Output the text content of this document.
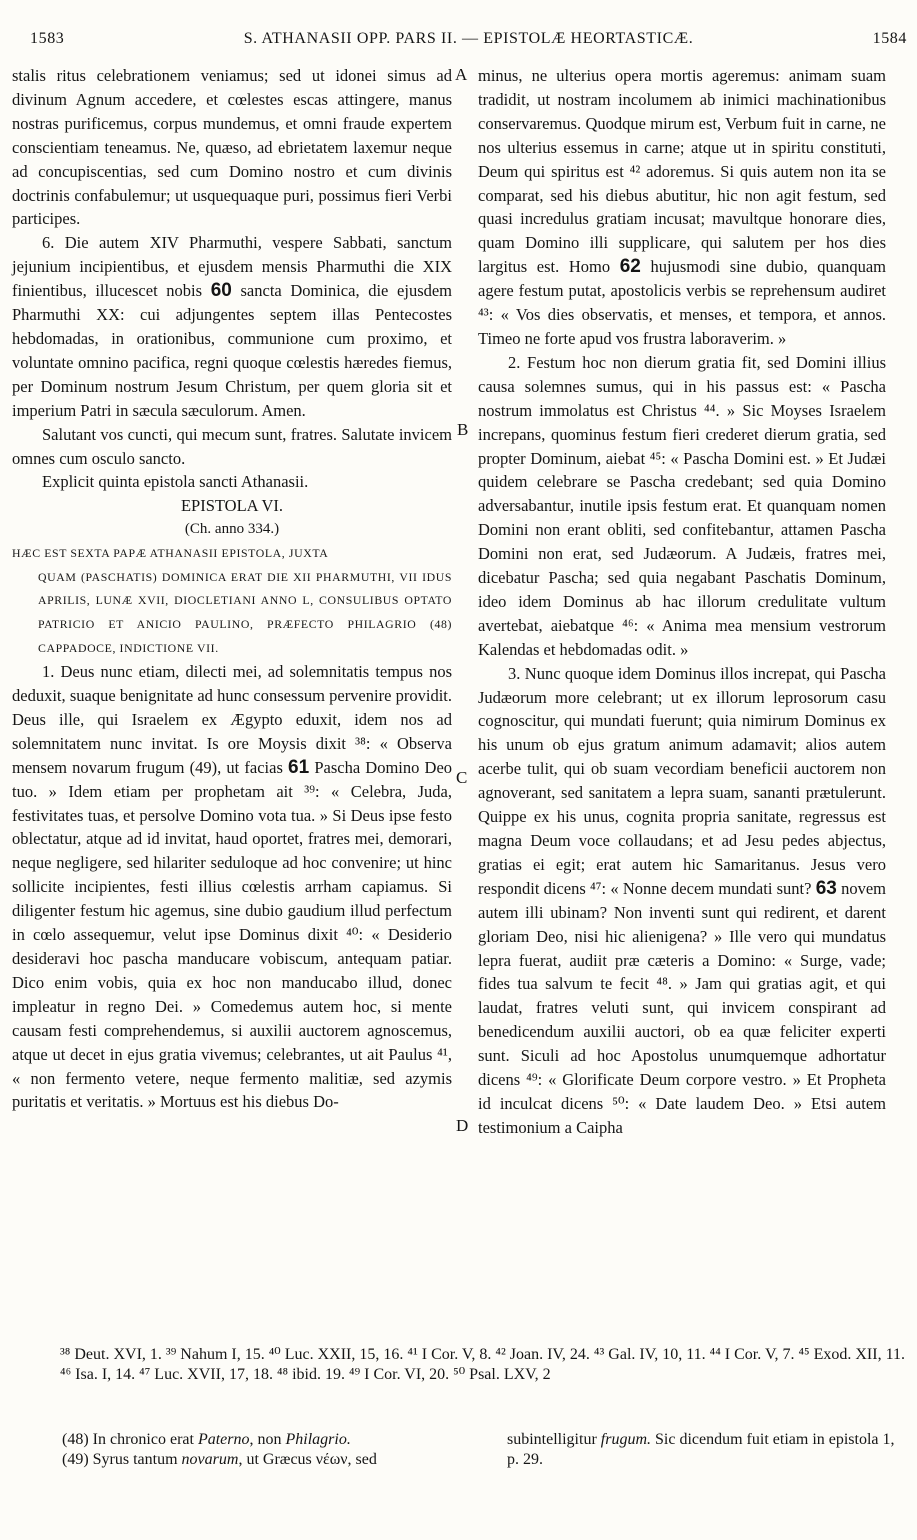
1583	S. ATHANASII OPP. PARS II. — EPISTOLÆ HEORTASTICÆ.	1584

stalis ritus celebrationem veniamus; sed ut idonei simus ad divinum Agnum accedere, et cœlestes escas attingere, manus nostras purificemus, corpus mundemus, et omni fraude expertem conscientiam teneamus. Ne, quæso, ad ebrietatem laxemur neque ad concupiscentias, sed cum Domino nostro et cum divinis doctrinis confabulemur; ut usquequaque puri, possimus fieri Verbi participes.

6. Die autem XIV Pharmuthi, vespere Sabbati, sanctum jejunium incipientibus, et ejusdem mensis Pharmuthi die XIX finientibus, illucescet nobis 60 sancta Dominica, die ejusdem Pharmuthi XX: cui adjungentes septem illas Pentecostes hebdomadas, in orationibus, communione cum proximo, et voluntate omnino pacifica, regni quoque cœlestis hæredes fiemus, per Dominum nostrum Jesum Christum, per quem gloria sit et imperium Patri in sæcula sæculorum. Amen.

Salutant vos cuncti, qui mecum sunt, fratres. Salutate invicem omnes cum osculo sancto.

Explicit quinta epistola sancti Athanasii.

EPISTOLA VI.

(Ch. anno 334.)

HÆC EST SEXTA PAPÆ ATHANASII EPISTOLA, JUXTA
QUAM (PASCHATIS) DOMINICA ERAT DIE XII PHARMUTHI, VII IDUS APRILIS, LUNÆ XVII, DIOCLETIANI ANNO L, CONSULIBUS OPTATO PATRICIO ET ANICIO PAULINO, PRÆFECTO PHILAGRIO (48) CAPPADOCE, INDICTIONE VII.

1. Deus nunc etiam, dilecti mei, ad solemnitatis tempus nos deduxit, suaque benignitate ad hunc consessum pervenire providit. Deus ille, qui Israelem ex Ægypto eduxit, idem nos ad solemnitatem nunc invitat. Is ore Moysis dixit ³⁸: « Observa mensem novarum frugum (49), ut facias 61 Pascha Domino Deo tuo. » Idem etiam per prophetam ait ³⁹: « Celebra, Juda, festivitates tuas, et persolve Domino vota tua. » Si Deus ipse festo oblectatur, atque ad id invitat, haud oportet, fratres mei, demorari, neque negligere, sed hilariter seduloque ad hoc convenire; ut hinc sollicite incipientes, festi illius cœlestis arrham capiamus. Si diligenter festum hic agemus, sine dubio gaudium illud perfectum in cœlo assequemur, velut ipse Dominus dixit ⁴⁰: « Desiderio desideravi hoc pascha manducare vobiscum, antequam patiar. Dico enim vobis, quia ex hoc non manducabo illud, donec impleatur in regno Dei. » Comedemus autem hoc, si mente causam festi comprehendemus, si auxilii auctorem agnoscemus, atque ut decet in ejus gratia vivemus; celebrantes, ut ait Paulus ⁴¹, « non fermento vetere, neque fermento malitiæ, sed azymis puritatis et veritatis. » Mortuus est his diebus Do-

minus, ne ulterius opera mortis ageremus: animam suam tradidit, ut nostram incolumem ab inimici machinationibus conservaremus. Quodque mirum est, Verbum fuit in carne, ne nos ulterius essemus in carne; atque ut in spiritu constituti, Deum qui spiritus est ⁴² adoremus. Si quis autem non ita se comparat, sed his diebus abutitur, hic non agit festum, sed quasi incredulus gratiam incusat; mavultque honorare dies, quam Domino illi supplicare, qui salutem per hos dies largitus est. Homo 62 hujusmodi sine dubio, quanquam agere festum putat, apostolicis verbis se reprehensum audiret ⁴³: « Vos dies observatis, et menses, et tempora, et annos. Timeo ne forte apud vos frustra laboraverim. »

2. Festum hoc non dierum gratia fit, sed Domini illius causa solemnes sumus, qui in his passus est: « Pascha nostrum immolatus est Christus ⁴⁴. » Sic Moyses Israelem increpans, quominus festum fieri crederet dierum gratia, sed propter Dominum, aiebat ⁴⁵: « Pascha Domini est. » Et Judæi quidem celebrare se Pascha credebant; sed quia Domino adversabantur, inutile ipsis festum erat. Et quanquam nomen Domini non erant obliti, sed confitebantur, attamen Pascha Domini non erat, sed Judæorum. A Judæis, fratres mei, dicebatur Pascha; sed quia negabant Paschatis Dominum, ideo idem Dominus ab hac illorum credulitate vultum avertebat, aiebatque ⁴⁶: « Anima mea mensium vestrorum Kalendas et hebdomadas odit. »

3. Nunc quoque idem Dominus illos increpat, qui Pascha Judæorum more celebrant; ut ex illorum leprosorum casu cognoscitur, qui mundati fuerunt; quia nimirum Dominus ex his unum ob ejus gratum animum adamavit; alios autem acerbe tulit, qui ob suam vecordiam beneficii auctorem non agnoverant, sed sanitatem a lepra suam, sananti prætulerunt. Quippe ex his unus, cognita propria sanitate, regressus est magna Deum voce collaudans; et ad Jesu pedes abjectus, gratias ei egit; erat autem hic Samaritanus. Jesus vero respondit dicens ⁴⁷: « Nonne decem mundati sunt? 63 novem autem illi ubinam? Non inventi sunt qui redirent, et darent gloriam Deo, nisi hic alienigena? » Ille vero qui mundatus lepra fuerat, audiit præ cæteris a Domino: « Surge, vade; fides tua salvum te fecit ⁴⁸. » Jam qui gratias agit, et qui laudat, fratres veluti sunt, qui invicem conspirant ad benedicendum auxilii auctori, ob ea quæ feliciter experti sunt. Siculi ad hoc Apostolus unumquemque adhortatur dicens ⁴⁹: « Glorificate Deum corpore vestro. » Et Propheta id inculcat dicens ⁵⁰: « Date laudem Deo. » Etsi autem testimonium a Caipha

A
B
C
D
³⁸ Deut. XVI, 1. ³⁹ Nahum I, 15. ⁴⁰ Luc. XXII, 15, 16. ⁴¹ I Cor. V, 8. ⁴² Joan. IV, 24. ⁴³ Gal. IV, 10, 11. ⁴⁴ I Cor. V, 7. ⁴⁵ Exod. XII, 11. ⁴⁶ Isa. I, 14. ⁴⁷ Luc. XVII, 17, 18. ⁴⁸ ibid. 19. ⁴⁹ I Cor. VI, 20. ⁵⁰ Psal. LXV, 2

(48) In chronico erat Paterno, non Philagrio.

(49) Syrus tantum novarum, ut Græcus νέων, sed

subintelligitur frugum. Sic dicendum fuit etiam in epistola 1, p. 29.
